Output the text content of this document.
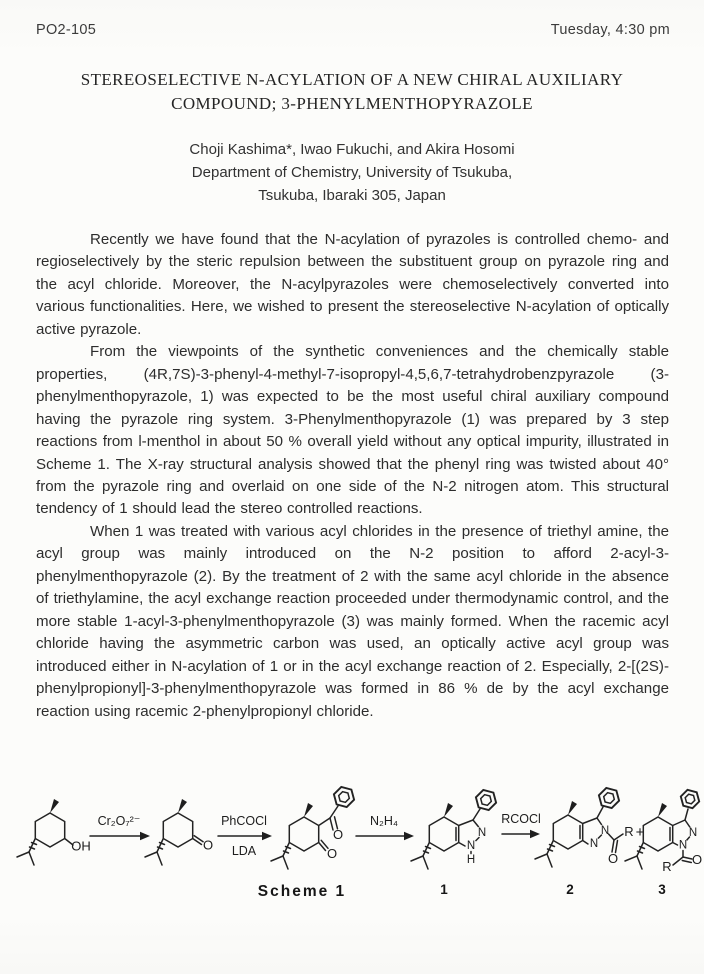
PO2-105	Tuesday, 4:30 pm
STEREOSELECTIVE N-ACYLATION OF A NEW CHIRAL AUXILIARY
COMPOUND; 3-PHENYLMENTHOPYRAZOLE
Choji Kashima*, Iwao Fukuchi, and Akira Hosomi
Department of Chemistry, University of Tsukuba,
Tsukuba, Ibaraki 305, Japan

Recently we have found that the N-acylation of pyrazoles is controlled chemo- and regioselectively by the steric repulsion between the substituent group on pyrazole ring and the acyl chloride. Moreover, the N-acylpyrazoles were chemoselectively converted into various functionalities. Here, we wished to present the stereoselective N-acylation of optically active pyrazole.

From the viewpoints of the synthetic conveniences and the chemically stable properties, (4R,7S)-3-phenyl-4-methyl-7-isopropyl-4,5,6,7-tetrahydrobenzpyrazole (3-phenylmenthopyrazole, 1) was expected to be the most useful chiral auxiliary compound having the pyrazole ring system. 3-Phenylmenthopyrazole (1) was prepared by 3 step reactions from l-menthol in about 50 % overall yield without any optical impurity, illustrated in Scheme 1. The X-ray structural analysis showed that the phenyl ring was twisted about 40° from the pyrazole ring and overlaid on one side of the N-2 nitrogen atom. This structural tendency of 1 should lead the stereo controlled reactions.

When 1 was treated with various acyl chlorides in the presence of triethyl amine, the acyl group was mainly introduced on the N-2 position to afford 2-acyl-3-phenylmenthopyrazole (2). By the treatment of 2 with the same acyl chloride in the absence of triethylamine, the acyl exchange reaction proceeded under thermodynamic control, and the more stable 1-acyl-3-phenylmenthopyrazole (3) was mainly formed. When the racemic acyl chloride having the asymmetric carbon was used, an optically active acyl group was introduced either in N-acylation of 1 or in the acyl exchange reaction of 2. Especially, 2-[(2S)-phenylpropionyl]-3-phenylmenthopyrazole was formed in 86 % de by the acyl exchange reaction using racemic 2-phenylpropionyl chloride.

OH
Cr₂O₇²⁻
O
PhCOCl
LDA
O
O
N₂H₄
N
N
H
1
RCOCl
N
N
O
R
2
+	N
N
O
R
3
Scheme 1
